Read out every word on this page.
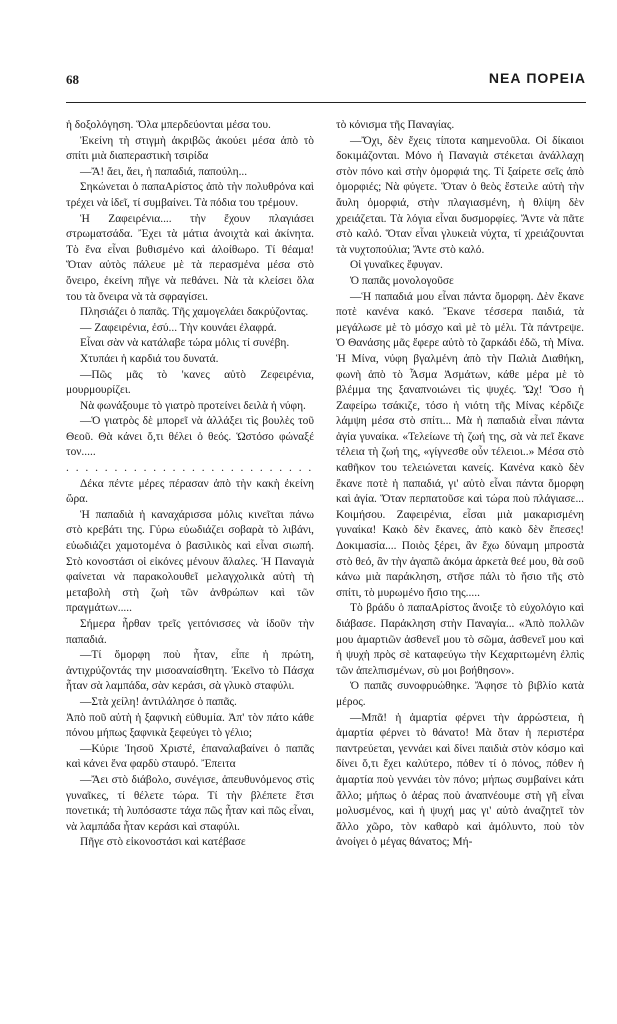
68	ΝΕΑ ΠΟΡΕΙΑ

ἡ δοξολόγηση. Ὅλα μπερδεύονται μέσα του.

Ἐκείνη τὴ στιγμὴ ἀκριβῶς ἀκούει μέσα ἀπὸ τὸ σπίτι μιὰ διαπεραστικὴ τσιρίδα

—Ἄ! ἄει, ἄει, ἡ παπαδιά, παπούλη...

Σηκώνεται ὁ παπαΑρίστος ἀπὸ τὴν πολυθρόνα καὶ τρέχει νὰ ἰδεῖ, τί συμβαίνει. Τὰ πόδια του τρέμουν.

Ἡ Ζαφειρένια.... τὴν ἔχουν πλαγιάσει στρωματσάδα. Ἔχει τὰ μάτια ἀνοιχτὰ καὶ ἀκίνητα. Τὸ ἕνα εἶναι βυθισμένο καὶ ἀλοίθωρο. Τί θέαμα! Ὅταν αὐτὸς πάλευε μὲ τὰ περασμένα μέσα στὸ ὄνειρο, ἐκείνη πῆγε νὰ πεθάνει. Νὰ τὰ κλείσει ὅλα του τὰ ὄνειρα νὰ τὰ σφραγίσει.

Πλησιάζει ὁ παπᾶς. Τῆς χαμογελάει δακρύζοντας.

— Ζαφειρένια, ἐσύ... Τὴν κουνάει ἐλαφρά.

Εἶναι σὰν νὰ κατάλαβε τώρα μόλις τί συνέβη.

Χτυπάει ἡ καρδιά του δυνατά.

—Πῶς μᾶς τὸ 'κανες αὐτὸ Ζεφειρένια, μουρμουρίζει.

Νὰ φωνάξουμε τὸ γιατρὸ προτείνει δειλὰ ἡ νύφη.

—Ὁ γιατρὸς δὲ μπορεῖ νὰ ἀλλάξει τὶς βουλὲς τοῦ Θεοῦ. Θὰ κάνει ὅ,τι θέλει ὁ θεός. Ὡστόσο φώναξέ τον.....

. . . . . . . . . . . . . . . . . . . . . . . . . .

Δέκα πέντε μέρες πέρασαν ἀπὸ τὴν κακὴ ἐκείνη ὥρα.

Ἡ παπαδιὰ ἡ καναχάρισσα μόλις κινεῖται πάνω στὸ κρεβάτι της. Γύρω εὐωδιάζει σοβαρὰ τὸ λιβάνι, εὐωδιάζει χαμοτομένα ὁ βασιλικὸς καὶ εἶναι σιωπή. Στὸ κονοστάσι οἱ εἰκόνες μένουν ἄλαλες. Ἡ Παναγιὰ φαίνεται νὰ παρακολουθεῖ μελαγχολικὰ αὐτὴ τὴ μεταβολὴ στὴ ζωὴ τῶν ἀνθρώπων καὶ τῶν πραγμάτων.....

Σήμερα ἦρθαν τρεῖς γειτόνισσες νὰ ἰδοῦν τὴν παπαδιά.

—Τί ὄμορφη ποὺ ἦταν, εἶπε ἡ πρώτη, ἀντιχρύζοντάς την μισοαναίσθητη. Ἐκεῖνο τὸ Πάσχα ἦταν σὰ λαμπάδα, σὰν κεράσι, σὰ γλυκὸ σταφύλι.

—Στὰ χείλη! ἀντιλάλησε ὁ παπᾶς.

Ἀπὸ ποῦ αὐτὴ ἡ ξαφνικὴ εὐθυμία. Ἀπ' τὸν πάτο κάθε πόνου μήπως ξαφνικὰ ξεφεύγει τὸ γέλιο;

—Κύριε Ἰησοῦ Χριστέ, ἐπαναλαβαίνει ὁ παπᾶς καὶ κάνει ἕνα φαρδὺ σταυρό. Ἔπειτα

—Ἄει στὸ διάβολο, συνέγισε, ἀπευθυνόμενος στὶς γυναῖκες, τί θέλετε τώρα. Τί τὴν βλέπετε ἔτσι πονετικά; τὴ λυπόσαστε τάχα πῶς ἦταν καὶ πῶς εἶναι, νὰ λαμπάδα ἦταν κεράσι καὶ σταφύλι.

Πῆγε στὸ εἰκονοστάσι καὶ κατέβασε

τὸ κόνισμα τῆς Παναγίας.

—Ὄχι, δὲν ἔχεις τίποτα καημενοῦλα. Οἱ δίκαιοι δοκιμάζονται. Μόνο ἡ Παναγιὰ στέκεται ἀνάλλαχη στὸν πόνο καὶ στὴν ὀμορφιά της. Τί ξαίρετε σεῖς ἀπὸ ὀμορφιές; Νὰ φύγετε. Ὅταν ὁ θεὸς ἔστειλε αὐτὴ τὴν ἄυλη ὀμορφιά, στὴν πλαγιασμένη, ἡ θλίψη δὲν χρειάζεται. Τὰ λόγια εἶναι δυσμορφίες. Ἄντε νὰ πᾶτε στὸ καλό. Ὅταν εἶναι γλυκειὰ νύχτα, τί χρειάζουνται τὰ νυχτοπούλια; Ἄντε στὸ καλό.

Οἱ γυναῖκες ἔφυγαν.

Ὁ παπᾶς μονολογοῦσε

—Ἡ παπαδιά μου εἶναι πάντα ὄμορφη. Δὲν ἔκανε ποτὲ κανένα κακό. Ἔκανε τέσσερα παιδιά, τὰ μεγάλωσε μὲ τὸ μόσχο καὶ μὲ τὸ μέλι. Τὰ πάντρεψε. Ὁ Θανάσης μᾶς ἔφερε αὐτὸ τὸ ζαρκάδι ἐδῶ, τὴ Μίνα. Ἡ Μίνα, νύφη βγαλμένη ἀπὸ τὴν Παλιὰ Διαθήκη, φωνὴ ἀπὸ τὸ Ἆσμα Ἀσμάτων, κάθε μέρα μὲ τὸ βλέμμα της ξαναπνοιώνει τὶς ψυχές. Ὤχ! Ὅσο ἡ Ζαφείρω τσάκιζε, τόσο ἡ νιότη τῆς Μίνας κέρδιζε λάμψη μέσα στὸ σπίτι... Μὰ ἡ παπαδιὰ εἶναι πάντα ἁγία γυναίκα. «Τελείωνε τὴ ζωή της, σὰ νὰ πεῖ ἔκανε τέλεια τὴ ζωή της, «γίγνεσθε οὖν τέλειοι..» Μέσα στὸ καθῆκον του τελειώνεται κανείς. Κανένα κακὸ δὲν ἔκανε ποτὲ ἡ παπαδιά, γι' αὐτὸ εἶναι πάντα ὄμορφη καὶ ἁγία. Ὅταν περπατοῦσε καὶ τώρα ποὺ πλάγιασε... Κοιμήσου. Ζαφειρένια, εἶσαι μιὰ μακαρισμένη γυναίκα! Κακὸ δὲν ἔκανες, ἀπὸ κακὸ δὲν ἔπεσες! Δοκιμασία.... Ποιὸς ξέρει, ἂν ἔχω δύναμη μπροστὰ στὸ θεό, ἂν τὴν ἀγαπῶ ἀκόμα ἀρκετὰ θεέ μου, θὰ σοῦ κάνω μιὰ παράκληση, στῆσε πάλι τὸ ἥσιο τῆς στὸ σπίτι, τὸ μυρωμένο ἥσιο της.....

Τὸ βράδυ ὁ παπαΑρίστος ἄνοιξε τὸ εὐχολόγιο καὶ διάβασε. Παράκληση στὴν Παναγία... «Ἀπὸ πολλῶν μου ἁμαρτιῶν ἀσθενεῖ μου τὸ σῶμα, ἀσθενεῖ μου καὶ ἡ ψυχὴ πρὸς σὲ καταφεύγω τὴν Κεχαριτωμένη ἐλπὶς τῶν ἀπελπισμένων, σὺ μοι βοήθησον».

Ὁ παπᾶς συνοφρυώθηκε. Ἄφησε τὸ βιβλίο κατὰ μέρος.

—Μπᾶ! ἡ ἁμαρτία φέρνει τὴν ἀρρώστεια, ἡ ἁμαρτία φέρνει τὸ θάνατο! Μὰ ὅταν ἡ περιστέρα παντρεύεται, γεννάει καὶ δίνει παιδιὰ στὸν κόσμο καὶ δίνει ὅ,τι ἔχει καλύτερο, πόθεν τί ὁ πόνος, πόθεν ἡ ἁμαρτία ποὺ γεννάει τὸν πόνο; μήπως συμβαίνει κάτι ἄλλο; μήπως ὁ ἀέρας ποὺ ἀναπνέουμε στὴ γῆ εἶναι μολυσμένος, καὶ ἡ ψυχή μας γι' αὐτὸ ἀναζητεῖ τὸν ἄλλο χῶρο, τὸν καθαρὸ καὶ ἀμόλυντο, ποὺ τὸν ἀνοίγει ὁ μέγας θάνατος; Μή-
